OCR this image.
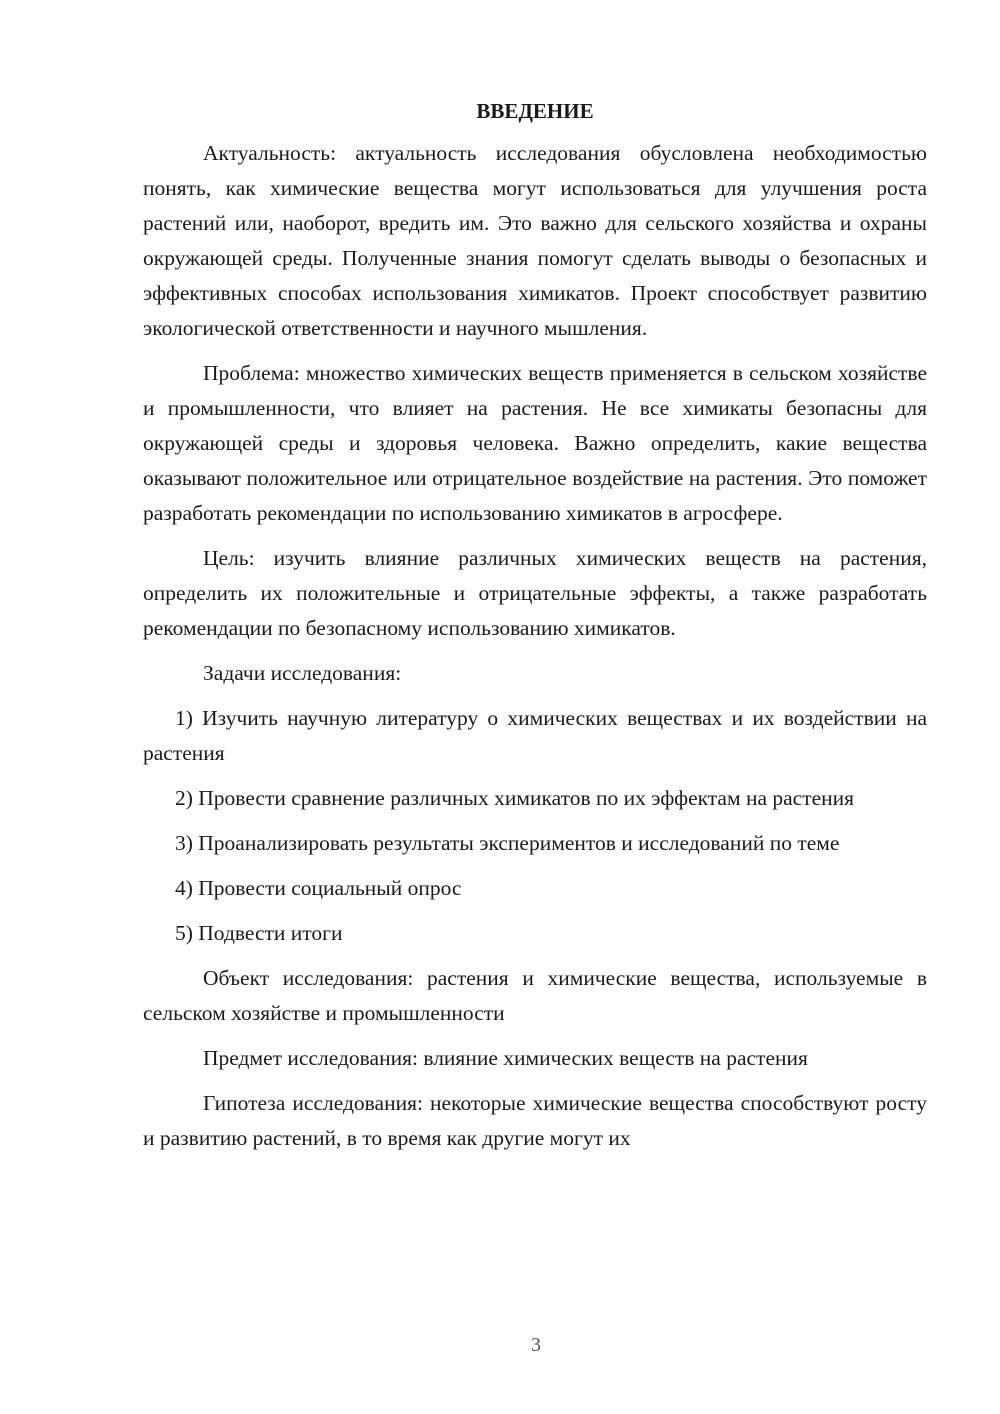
ВВЕДЕНИЕ

Актуальность: актуальность исследования обусловлена необходимостью понять, как химические вещества могут использоваться для улучшения роста растений или, наоборот, вредить им. Это важно для сельского хозяйства и охраны окружающей среды. Полученные знания помогут сделать выводы о безопасных и эффективных способах использования химикатов. Проект способствует развитию экологической ответственности и научного мышления.

Проблема: множество химических веществ применяется в сельском хозяйстве и промышленности, что влияет на растения. Не все химикаты безопасны для окружающей среды и здоровья человека. Важно определить, какие вещества оказывают положительное или отрицательное воздействие на растения. Это поможет разработать рекомендации по использованию химикатов в агросфере.

Цель: изучить влияние различных химических веществ на растения, определить их положительные и отрицательные эффекты, а также разработать рекомендации по безопасному использованию химикатов.

Задачи исследования:

1) Изучить научную литературу о химических веществах и их воздействии на растения

2) Провести сравнение различных химикатов по их эффектам на растения

3) Проанализировать результаты экспериментов и исследований по теме

4) Провести социальный опрос

5) Подвести итоги

Объект исследования: растения и химические вещества, используемые в сельском хозяйстве и промышленности

Предмет исследования: влияние химических веществ на растения

Гипотеза исследования: некоторые химические вещества способствуют росту и развитию растений, в то время как другие могут их

3
